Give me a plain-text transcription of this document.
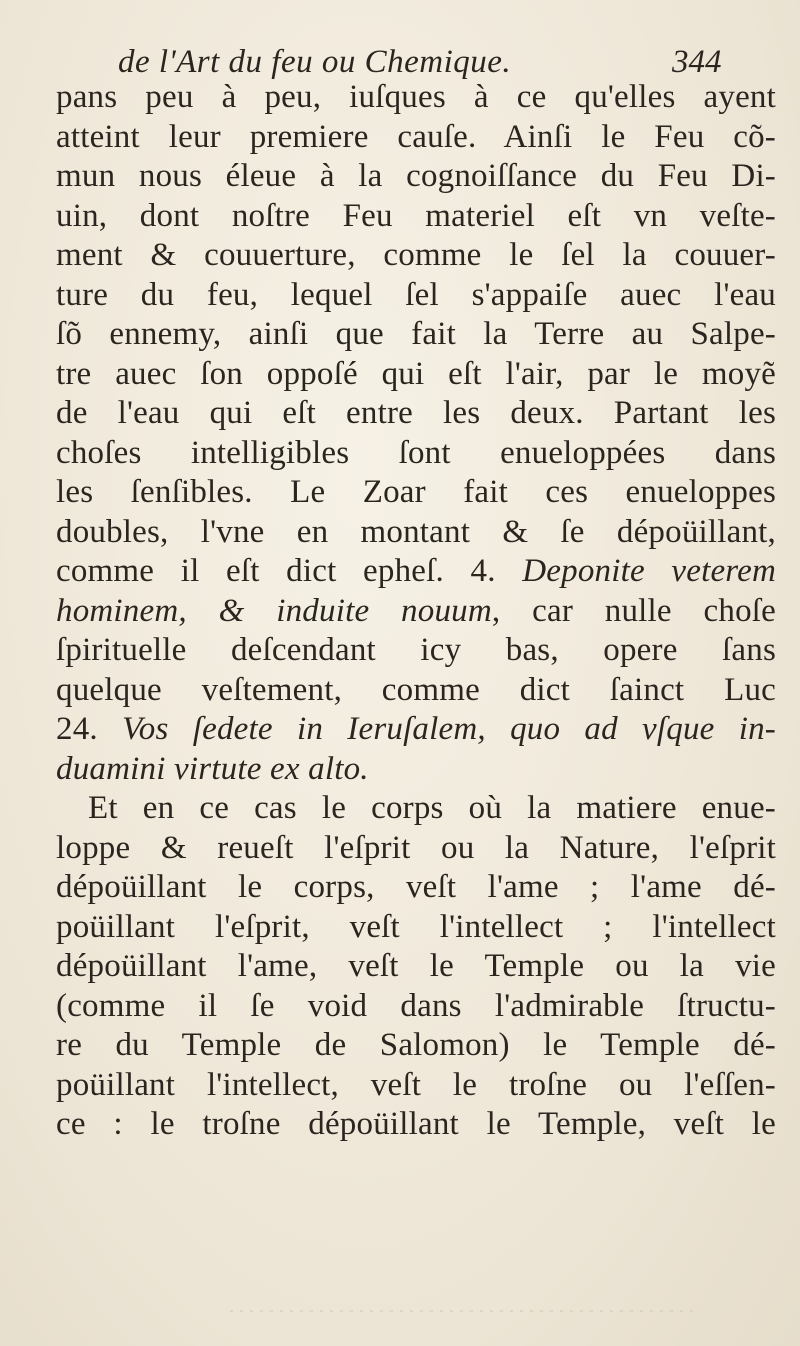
de l'Art du feu ou Chemique.	344
pans peu à peu, iuſques à ce qu'elles ayent
atteint leur premiere cauſe. Ainſi le Feu cõ-
mun nous éleue à la cognoiſſance du Feu Di-
uin, dont noſtre Feu materiel eſt vn veſte-
ment & couuerture, comme le ſel la couuer-
ture du feu, lequel ſel s'appaiſe auec l'eau
ſõ ennemy, ainſi que fait la Terre au Salpe-
tre auec ſon oppoſé qui eſt l'air, par le moyẽ
de l'eau qui eſt entre les deux. Partant les
choſes intelligibles ſont enueloppées dans
les ſenſibles. Le Zoar fait ces enueloppes
doubles, l'vne en montant & ſe dépoüillant,
comme il eſt dict ephеſ. 4. Deponite veterem
hominem, & induite nouum, car nulle choſe
ſpirituelle deſcendant icy bas, opere ſans
quelque veſtement, comme dict ſainct Luc
24. Vos ſedete in Ieruſalem, quo ad vſque in-
duamini virtute ex alto.
Et en ce cas le corps où la matiere enue-
loppe & reueſt l'eſprit ou la Nature, l'eſprit
dépoüillant le corps, veſt l'ame ; l'ame dé-
poüillant l'eſprit, veſt l'intellect ; l'intellect
dépoüillant l'ame, veſt le Temple ou la vie
(comme il ſe void dans l'admirable ſtructu-
re du Temple de Salomon) le Temple dé-
poüillant l'intellect, veſt le troſne ou l'eſſen-
ce : le troſne dépoüillant le Temple, veſt le
